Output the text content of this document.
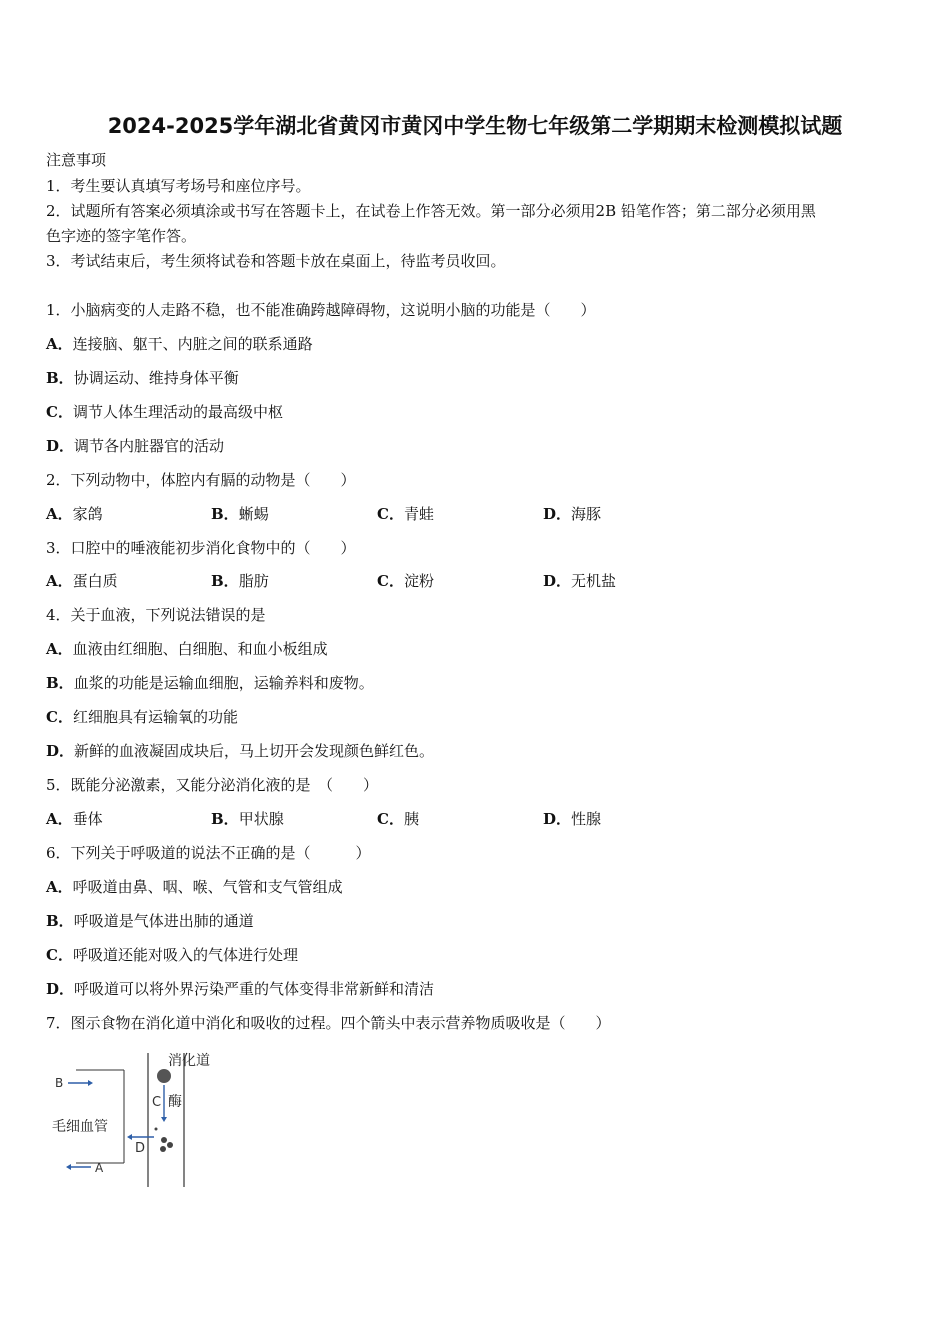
2024-2025学年湖北省黄冈市黄冈中学生物七年级第二学期期末检测模拟试题
注意事项
1．考生要认真填写考场号和座位序号。
2．试题所有答案必须填涂或书写在答题卡上，在试卷上作答无效。第一部分必须用2B 铅笔作答；第二部分必须用黑
色字迹的签字笔作答。
3．考试结束后，考生须将试卷和答题卡放在桌面上，待监考员收回。
1．小脑病变的人走路不稳，也不能准确跨越障碍物，这说明小脑的功能是（　　）
A．连接脑、躯干、内脏之间的联系通路
B．协调运动、维持身体平衡
C．调节人体生理活动的最高级中枢
D．调节各内脏器官的活动
2．下列动物中，体腔内有膈的动物是（　　）
A．家鸽	B．蜥蜴	C．青蛙	D．海豚
3．口腔中的唾液能初步消化食物中的（　　）
A．蛋白质	B．脂肪	C．淀粉	D．无机盐
4．关于血液，下列说法错误的是
A．血液由红细胞、白细胞、和血小板组成
B．血浆的功能是运输血细胞，运输养料和废物。
C．红细胞具有运输氧的功能
D．新鲜的血液凝固成块后，马上切开会发现颜色鲜红色。
5．既能分泌激素，又能分泌消化液的是　（　　）
A．垂体	B．甲状腺	C．胰	D．性腺
6．下列关于呼吸道的说法不正确的是（　　　）
A．呼吸道由鼻、咽、喉、气管和支气管组成
B．呼吸道是气体进出肺的通道
C．呼吸道还能对吸入的气体进行处理
D．呼吸道可以将外界污染严重的气体变得非常新鲜和清洁
7．图示食物在消化道中消化和吸收的过程。四个箭头中表示营养物质吸收是（　　）
B
A
毛细血管
消化道
C 酶
D
